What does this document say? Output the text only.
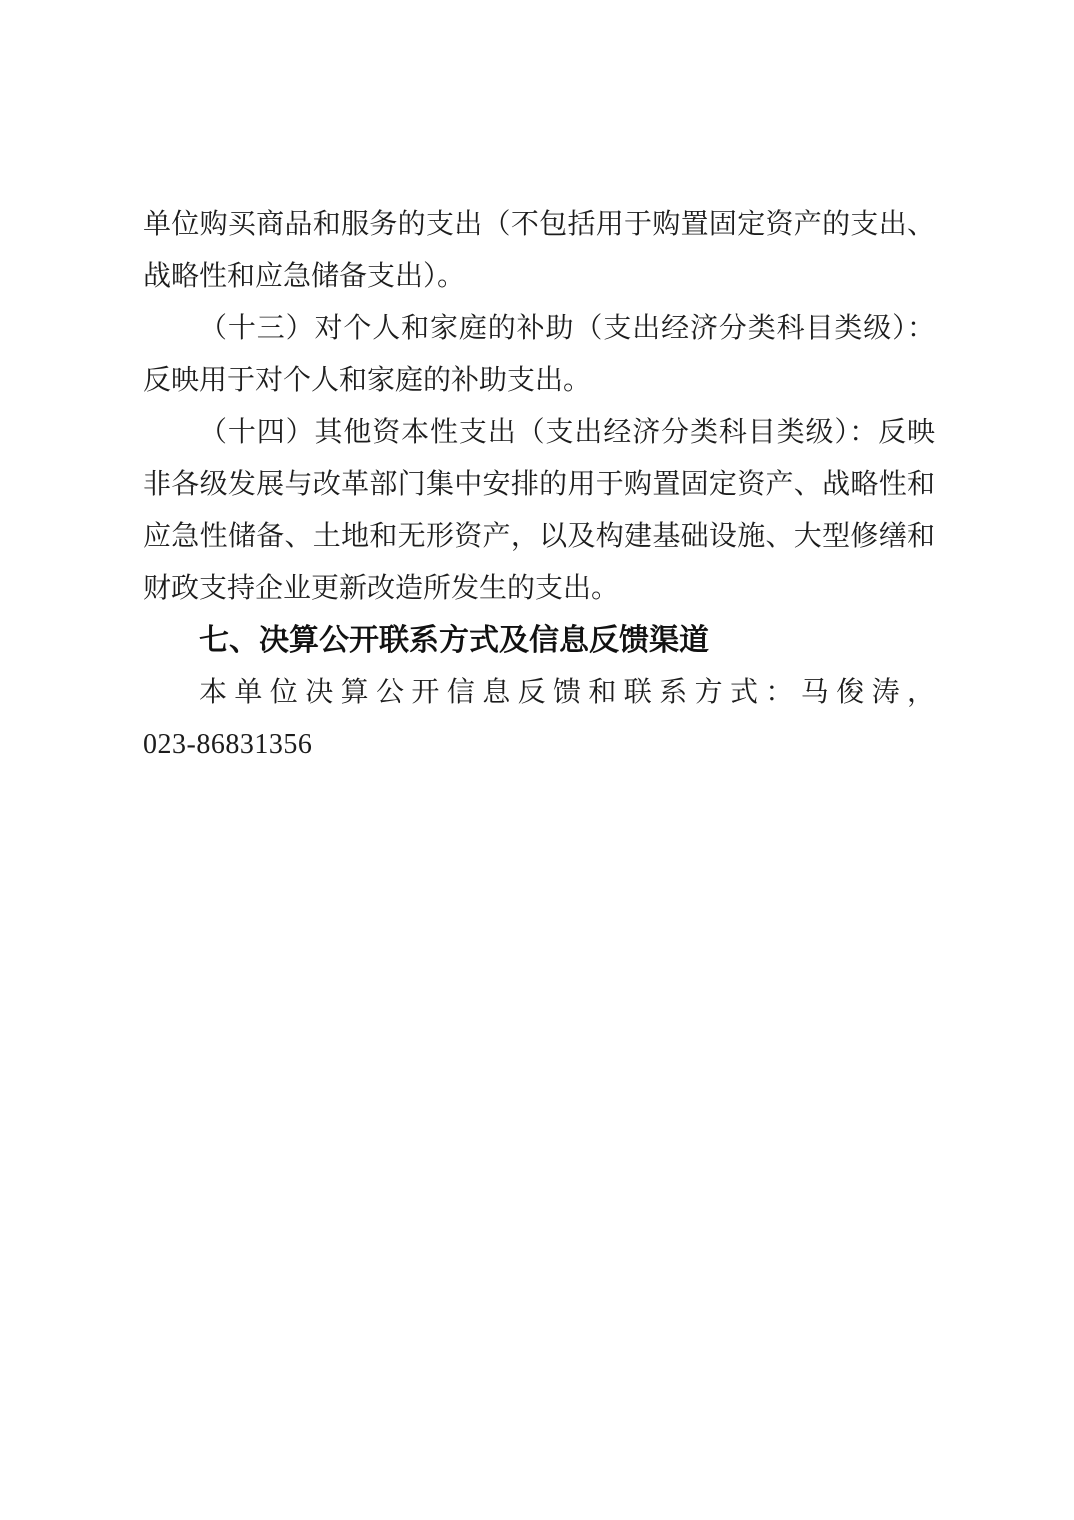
单位购买商品和服务的支出（不包括用于购置固定资产的支出、战略性和应急储备支出）。

（十三）对个人和家庭的补助（支出经济分类科目类级）：反映用于对个人和家庭的补助支出。

（十四）其他资本性支出（支出经济分类科目类级）：反映非各级发展与改革部门集中安排的用于购置固定资产、战略性和应急性储备、土地和无形资产，以及构建基础设施、大型修缮和财政支持企业更新改造所发生的支出。

七、决算公开联系方式及信息反馈渠道

本单位决算公开信息反馈和联系方式：马俊涛，

023-86831356
